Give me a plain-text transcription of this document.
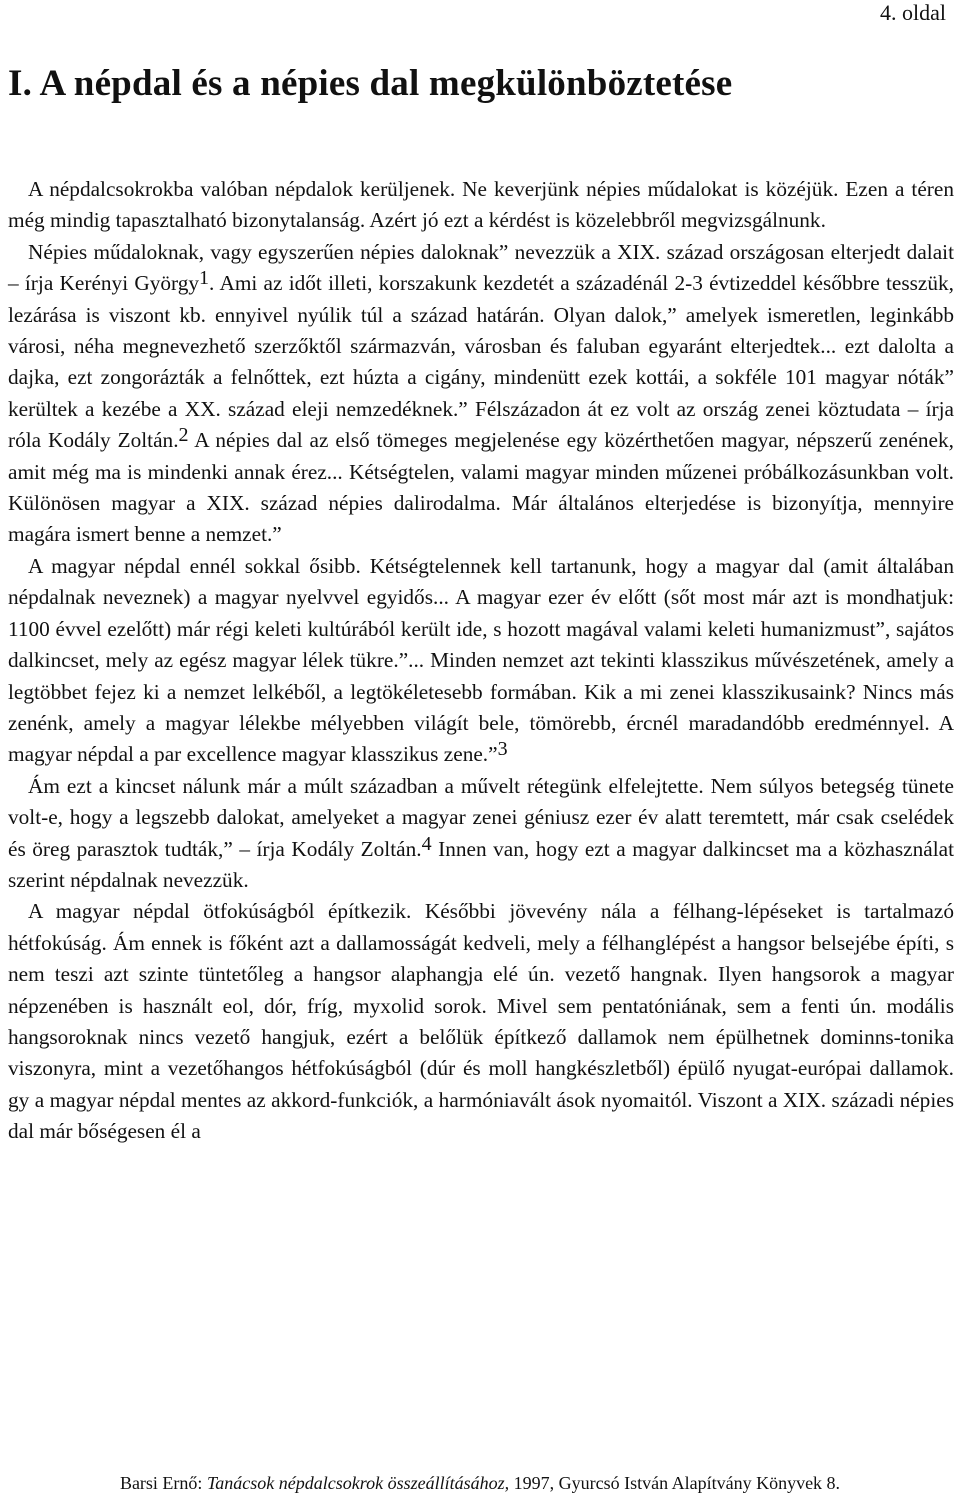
4. oldal
I. A népdal és a népies dal megkülönböztetése

A népdalcsokrokba valóban népdalok kerüljenek. Ne keverjünk népies műdalokat is közéjük. Ezen a téren még mindig tapasztalható bizonytalanság. Azért jó ezt a kérdést is közelebbről megvizsgálnunk.

Népies műdaloknak, vagy egyszerűen népies daloknak” nevezzük a XIX. század országosan elterjedt dalait – írja Kerényi György1. Ami az időt illeti, korszakunk kezdetét a századénál 2-3 évtizeddel későbbre tesszük, lezárása is viszont kb. ennyivel nyúlik túl a század határán. Olyan dalok,” amelyek ismeretlen, leginkább városi, néha megnevezhető szerzőktől származván, városban és faluban egyaránt elterjedtek... ezt dalolta a dajka, ezt zongorázták a felnőttek, ezt húzta a cigány, mindenütt ezek kottái, a sokféle 101 magyar nóták” kerültek a kezébe a XX. század eleji nemzedéknek.” Félszázadon át ez volt az ország zenei köztudata – írja róla Kodály Zoltán.2 A népies dal az első tömeges megjelenése egy közérthetően magyar, népszerű zenének, amit még ma is mindenki annak érez... Kétségtelen, valami magyar minden műzenei próbálkozásunkban volt. Különösen magyar a XIX. század népies dalirodalma. Már általános elterjedése is bizonyítja, mennyire magára ismert benne a nemzet.”

A magyar népdal ennél sokkal ősibb. Kétségtelennek kell tartanunk, hogy a magyar dal (amit általában népdalnak neveznek) a magyar nyelvvel egyidős... A magyar ezer év előtt (sőt most már azt is mondhatjuk: 1100 évvel ezelőtt) már régi keleti kultúrából került ide, s hozott magával valami keleti humanizmust”, sajátos dalkincset, mely az egész magyar lélek tükre.”... Minden nemzet azt tekinti klasszikus művészetének, amely a legtöbbet fejez ki a nemzet lelkéből, a legtökéletesebb formában. Kik a mi zenei klasszikusaink? Nincs más zenénk, amely a magyar lélekbe mélyebben világít bele, tömörebb, ércnél maradandóbb eredménnyel. A magyar népdal a par excellence magyar klasszikus zene.”3

Ám ezt a kincset nálunk már a múlt században a művelt rétegünk elfelejtette. Nem súlyos betegség tünete volt-e, hogy a legszebb dalokat, amelyeket a magyar zenei géniusz ezer év alatt teremtett, már csak cselédek és öreg parasztok tudták,” – írja Kodály Zoltán.4 Innen van, hogy ezt a magyar dalkincset ma a közhasználat szerint népdalnak nevezzük.

A magyar népdal ötfokúságból építkezik. Későbbi jövevény nála a félhang-lépéseket is tartalmazó hétfokúság. Ám ennek is főként azt a dallamosságát kedveli, mely a félhanglépést a hangsor belsejébe építi, s nem teszi azt szinte tüntetőleg a hangsor alaphangja elé ún. vezető hangnak. Ilyen hangsorok a magyar népzenében is használt eol, dór, fríg, myxolid sorok. Mivel sem pentatóniának, sem a fenti ún. modális hangsoroknak nincs vezető hangjuk, ezért a belőlük építkező dallamok nem épülhetnek dominns-tonika viszonyra, mint a vezetőhangos hétfokúságból (dúr és moll hangkészletből) épülő nyugat-európai dallamok. gy a magyar népdal mentes az akkord-funkciók, a harmóniavált ások nyomaitól. Viszont a XIX. századi népies dal már bőségesen él a

Barsi Ernő: Tanácsok népdalcsokrok összeállításához, 1997, Gyurcsó István Alapítvány Könyvek 8.
